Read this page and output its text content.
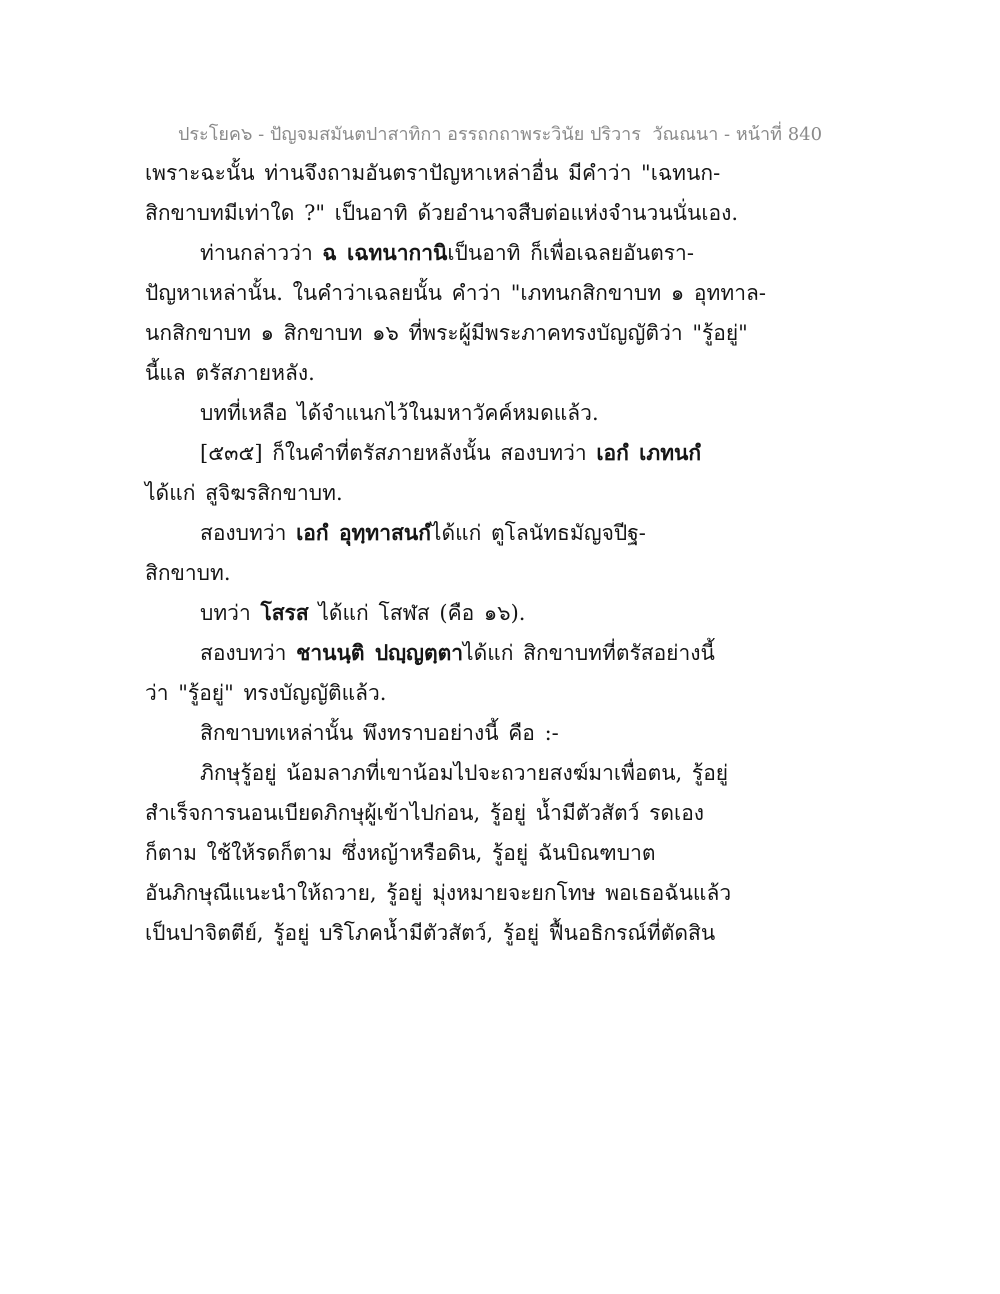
ประโยค๖ - ปัญจมสมันตปาสาทิกา อรรถกถาพระวินัย ปริวาร  วัณณนา - หน้าที่ 840
เพราะฉะนั้น ท่านจึงถามอันตราปัญหาเหล่าอื่น มีคำว่า "เฉทนก-
สิกขาบทมีเท่าใด ?" เป็นอาทิ ด้วยอำนาจสืบต่อแห่งจำนวนนั่นเอง.
ท่านกล่าวว่า ฉ เฉทนากานิเป็นอาทิ ก็เพื่อเฉลยอันตรา-
ปัญหาเหล่านั้น. ในคำว่าเฉลยนั้น คำว่า "เภทนกสิกขาบท ๑ อุททาล-
นกสิกขาบท ๑ สิกขาบท ๑๖ ที่พระผู้มีพระภาคทรงบัญญัติว่า "รู้อยู่"
นี้แล ตรัสภายหลัง.
บทที่เหลือ ได้จำแนกไว้ในมหาวัคค์หมดแล้ว.
[๕๓๕] ก็ในคำที่ตรัสภายหลังนั้น สองบทว่า เอกํ เภทนกํ
ได้แก่ สูจิฆรสิกขาบท.
สองบทว่า เอกํ อุทฺทาสนกํได้แก่ ตูโลนัทธมัญจปีฐ-
สิกขาบท.
บทว่า โสรส ได้แก่ โสฬส (คือ ๑๖).
สองบทว่า ชานนฺติ ปญฺญตฺตาได้แก่ สิกขาบทที่ตรัสอย่างนี้
ว่า "รู้อยู่" ทรงบัญญัติแล้ว.
สิกขาบทเหล่านั้น พึงทราบอย่างนี้ คือ :-
ภิกษุรู้อยู่ น้อมลาภที่เขาน้อมไปจะถวายสงฆ์มาเพื่อตน, รู้อยู่
สำเร็จการนอนเบียดภิกษุผู้เข้าไปก่อน, รู้อยู่ น้ำมีตัวสัตว์ รดเอง
ก็ตาม ใช้ให้รดก็ตาม ซึ่งหญ้าหรือดิน, รู้อยู่ ฉันบิณฑบาต
อันภิกษุณีแนะนำให้ถวาย, รู้อยู่ มุ่งหมายจะยกโทษ พอเธอฉันแล้ว
เป็นปาจิตตีย์, รู้อยู่ บริโภคน้ำมีตัวสัตว์, รู้อยู่ ฟื้นอธิกรณ์ที่ตัดสิน
